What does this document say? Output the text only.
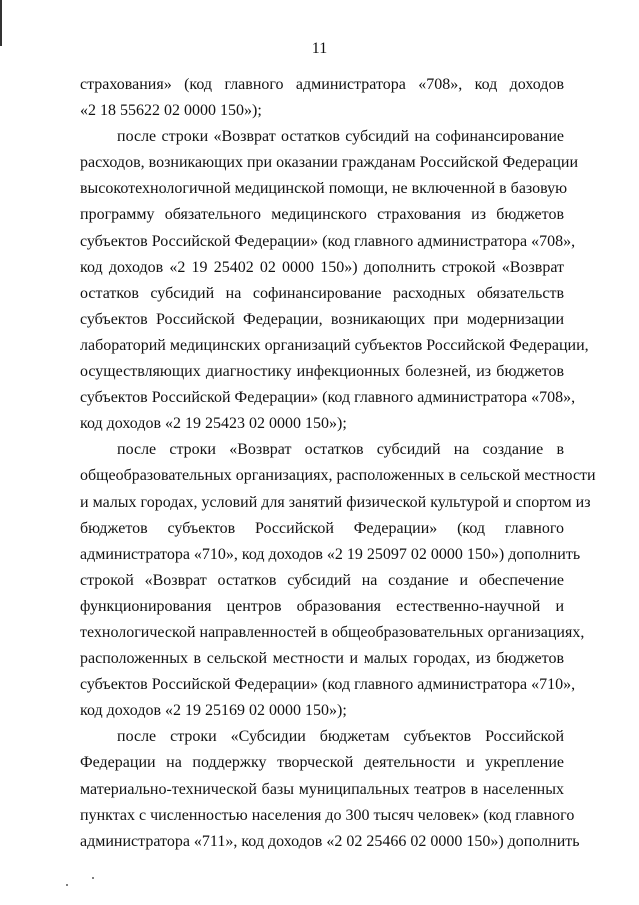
11
страхования» (код главного администратора «708», код доходов
«2 18 55622 02 0000 150»);
после строки «Возврат остатков субсидий на софинансирование
расходов, возникающих при оказании гражданам Российской Федерации
высокотехнологичной медицинской помощи, не включенной в базовую
программу обязательного медицинского страхования из бюджетов
субъектов Российской Федерации» (код главного администратора «708»,
код доходов «2 19 25402 02 0000 150») дополнить строкой «Возврат
остатков субсидий на софинансирование расходных обязательств
субъектов Российской Федерации, возникающих при модернизации
лабораторий медицинских организаций субъектов Российской Федерации,
осуществляющих диагностику инфекционных болезней, из бюджетов
субъектов Российской Федерации» (код главного администратора «708»,
код доходов «2 19 25423 02 0000 150»);
после строки «Возврат остатков субсидий на создание в
общеобразовательных организациях, расположенных в сельской местности
и малых городах, условий для занятий физической культурой и спортом из
бюджетов субъектов Российской Федерации» (код главного
администратора «710», код доходов «2 19 25097 02 0000 150») дополнить
строкой «Возврат остатков субсидий на создание и обеспечение
функционирования центров образования естественно-научной и
технологической направленностей в общеобразовательных организациях,
расположенных в сельской местности и малых городах, из бюджетов
субъектов Российской Федерации» (код главного администратора «710»,
код доходов «2 19 25169 02 0000 150»);
после строки «Субсидии бюджетам субъектов Российской
Федерации на поддержку творческой деятельности и укрепление
материально-технической базы муниципальных театров в населенных
пунктах с численностью населения до 300 тысяч человек» (код главного
администратора «711», код доходов «2 02 25466 02 0000 150») дополнить
